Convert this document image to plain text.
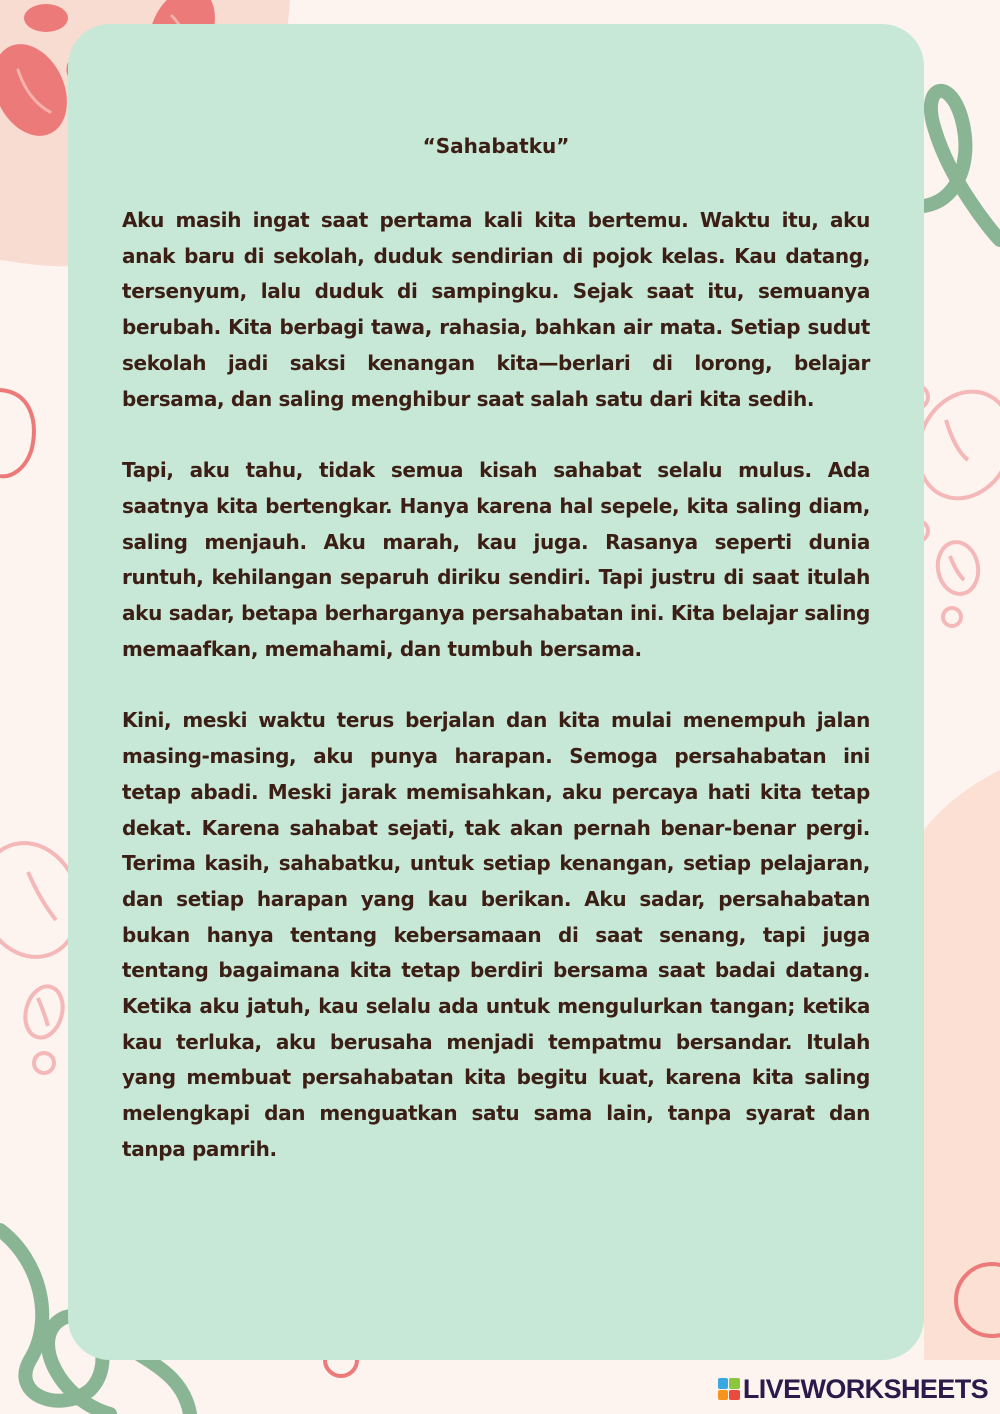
“Sahabatku”

Aku masih ingat saat pertama kali kita bertemu. Waktu itu, aku anak baru di sekolah, duduk sendirian di pojok kelas. Kau datang, tersenyum, lalu duduk di sampingku. Sejak saat itu, semuanya berubah. Kita berbagi tawa, rahasia, bahkan air mata. Setiap sudut sekolah jadi saksi kenangan kita—berlari di lorong, belajar bersama, dan saling menghibur saat salah satu dari kita sedih.

Tapi, aku tahu, tidak semua kisah sahabat selalu mulus. Ada saatnya kita bertengkar. Hanya karena hal sepele, kita saling diam, saling menjauh. Aku marah, kau juga. Rasanya seperti dunia runtuh, kehilangan separuh diriku sendiri. Tapi justru di saat itulah aku sadar, betapa berharganya persahabatan ini. Kita belajar saling memaafkan, memahami, dan tumbuh bersama.

Kini, meski waktu terus berjalan dan kita mulai menempuh jalan masing-masing, aku punya harapan. Semoga persahabatan ini tetap abadi. Meski jarak memisahkan, aku percaya hati kita tetap dekat. Karena sahabat sejati, tak akan pernah benar-benar pergi. Terima kasih, sahabatku, untuk setiap kenangan, setiap pelajaran, dan setiap harapan yang kau berikan. Aku sadar, persahabatan bukan hanya tentang kebersamaan di saat senang, tapi juga tentang bagaimana kita tetap berdiri bersama saat badai datang. Ketika aku jatuh, kau selalu ada untuk mengulurkan tangan; ketika kau terluka, aku berusaha menjadi tempatmu bersandar. Itulah yang membuat persahabatan kita begitu kuat, karena kita saling melengkapi dan menguatkan satu sama lain, tanpa syarat dan tanpa pamrih.

LIVEWORKSHEETS
